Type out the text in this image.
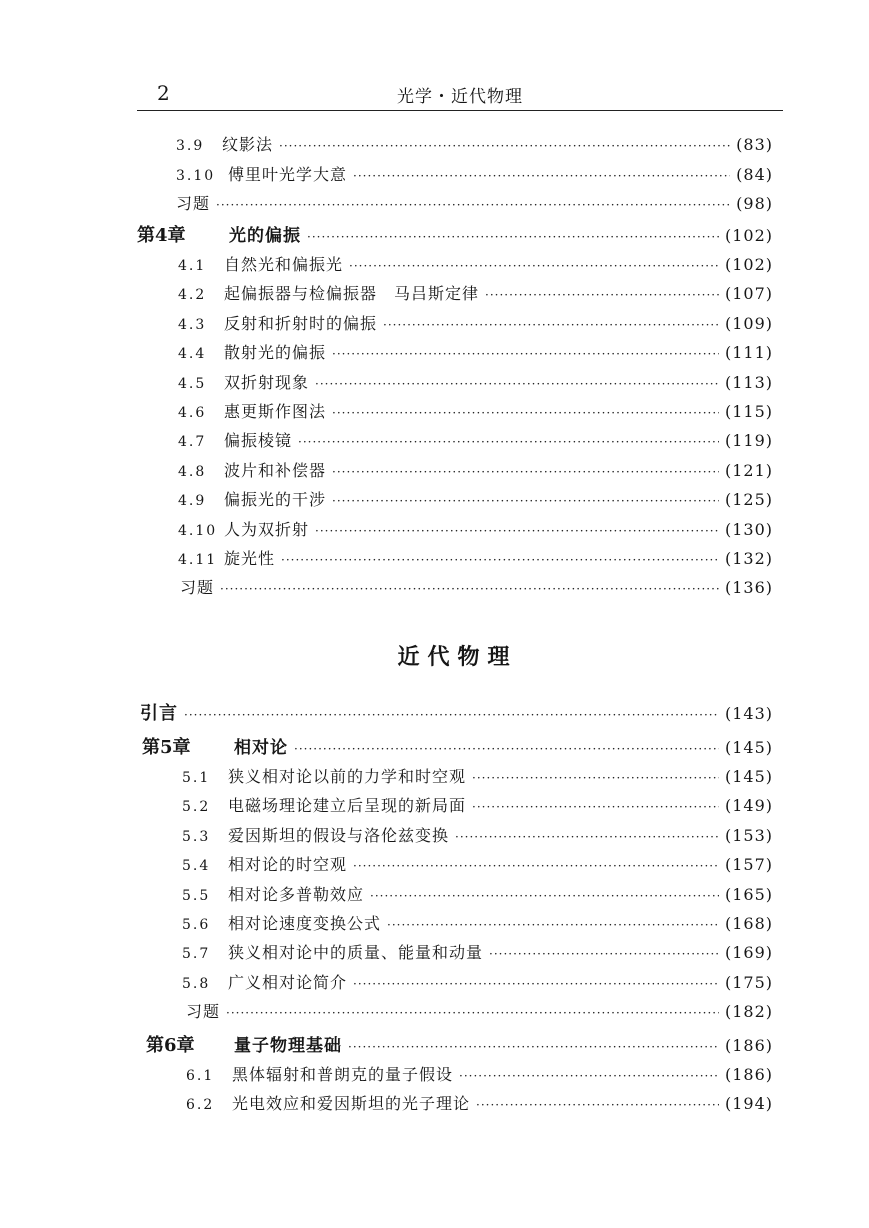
2	光学・近代物理
3.9	纹影法 ·····	(83)
3.10 傅里叶光学大意 ·····	(84)
习题 ·····	(98)
第4章	光的偏振 ·····	(102)
4.1	自然光和偏振光 ·····	(102)
4.2	起偏振器与检偏振器　马吕斯定律 ·····	(107)
4.3	反射和折射时的偏振 ·····	(109)
4.4	散射光的偏振 ·····	(111)
4.5	双折射现象 ·····	(113)
4.6	惠更斯作图法 ·····	(115)
4.7	偏振棱镜 ·····	(119)
4.8	波片和补偿器 ·····	(121)
4.9	偏振光的干涉 ·····	(125)
4.10 人为双折射 ·····	(130)
4.11 旋光性 ·····	(132)
习题 ·····	(136)
近代物理
引言 ·····	(143)
第5章	相对论 ·····	(145)
5.1	狭义相对论以前的力学和时空观 ·····	(145)
5.2	电磁场理论建立后呈现的新局面 ·····	(149)
5.3	爱因斯坦的假设与洛伦兹变换 ·····	(153)
5.4	相对论的时空观 ·····	(157)
5.5	相对论多普勒效应 ·····	(165)
5.6	相对论速度变换公式 ·····	(168)
5.7	狭义相对论中的质量、能量和动量 ·····	(169)
5.8	广义相对论简介 ·····	(175)
习题 ·····	(182)
第6章	量子物理基础 ·····	(186)
6.1	黑体辐射和普朗克的量子假设 ·····	(186)
6.2	光电效应和爱因斯坦的光子理论 ·····	(194)
